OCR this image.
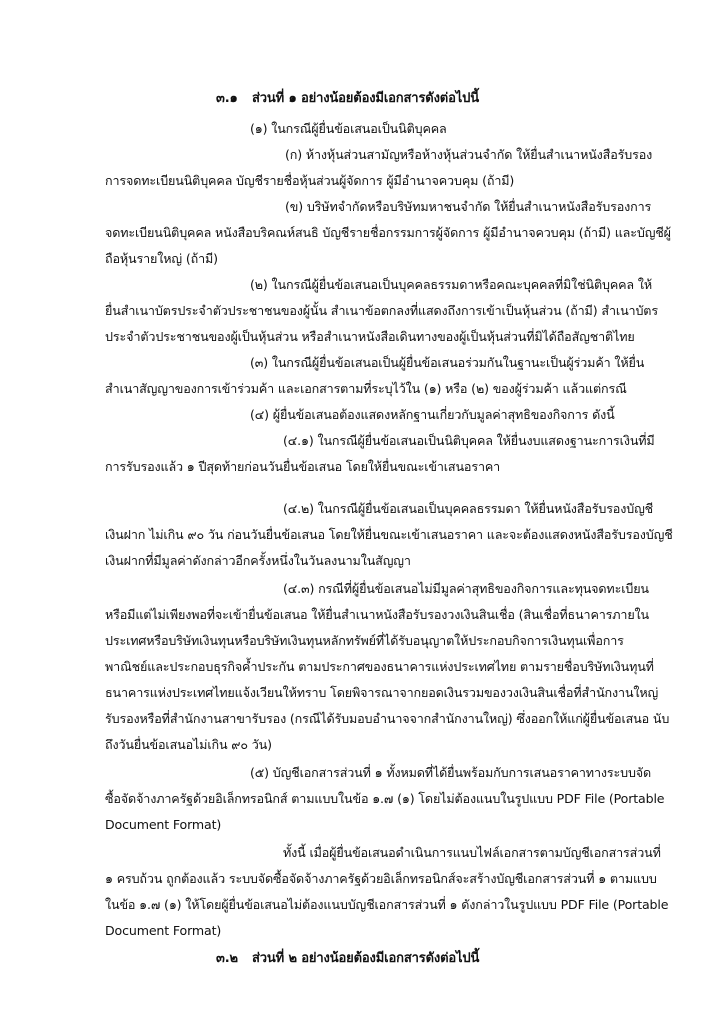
๓.๑ ส่วนที่ ๑ อย่างน้อยต้องมีเอกสารดังต่อไปนี้
(๑) ในกรณีผู้ยื่นข้อเสนอเป็นนิติบุคคล
(ก) ห้างหุ้นส่วนสามัญหรือห้างหุ้นส่วนจำกัด ให้ยื่นสำเนาหนังสือรับรอง
การจดทะเบียนนิติบุคคล บัญชีรายชื่อหุ้นส่วนผู้จัดการ ผู้มีอำนาจควบคุม (ถ้ามี)
(ข) บริษัทจำกัดหรือบริษัทมหาชนจำกัด ให้ยื่นสำเนาหนังสือรับรองการ
จดทะเบียนนิติบุคคล หนังสือบริคณห์สนธิ บัญชีรายชื่อกรรมการผู้จัดการ ผู้มีอำนาจควบคุม (ถ้ามี) และบัญชีผู้
ถือหุ้นรายใหญ่ (ถ้ามี)
(๒) ในกรณีผู้ยื่นข้อเสนอเป็นบุคคลธรรมดาหรือคณะบุคคลที่มิใช่นิติบุคคล ให้
ยื่นสำเนาบัตรประจำตัวประชาชนของผู้นั้น สำเนาข้อตกลงที่แสดงถึงการเข้าเป็นหุ้นส่วน (ถ้ามี) สำเนาบัตร
ประจำตัวประชาชนของผู้เป็นหุ้นส่วน หรือสำเนาหนังสือเดินทางของผู้เป็นหุ้นส่วนที่มิได้ถือสัญชาติไทย
(๓) ในกรณีผู้ยื่นข้อเสนอเป็นผู้ยื่นข้อเสนอร่วมกันในฐานะเป็นผู้ร่วมค้า ให้ยื่น
สำเนาสัญญาของการเข้าร่วมค้า และเอกสารตามที่ระบุไว้ใน (๑) หรือ (๒) ของผู้ร่วมค้า แล้วแต่กรณี
(๔) ผู้ยื่นข้อเสนอต้องแสดงหลักฐานเกี่ยวกับมูลค่าสุทธิของกิจการ ดังนี้
(๔.๑) ในกรณีผู้ยื่นข้อเสนอเป็นนิติบุคคล ให้ยื่นงบแสดงฐานะการเงินที่มี
การรับรองแล้ว ๑ ปีสุดท้ายก่อนวันยื่นข้อเสนอ โดยให้ยื่นขณะเข้าเสนอราคา
(๔.๒) ในกรณีผู้ยื่นข้อเสนอเป็นบุคคลธรรมดา ให้ยื่นหนังสือรับรองบัญชี
เงินฝาก ไม่เกิน ๙๐ วัน ก่อนวันยื่นข้อเสนอ โดยให้ยื่นขณะเข้าเสนอราคา และจะต้องแสดงหนังสือรับรองบัญชี
เงินฝากที่มีมูลค่าดังกล่าวอีกครั้งหนึ่งในวันลงนามในสัญญา
(๔.๓) กรณีที่ผู้ยื่นข้อเสนอไม่มีมูลค่าสุทธิของกิจการและทุนจดทะเบียน
หรือมีแต่ไม่เพียงพอที่จะเข้ายื่นข้อเสนอ ให้ยื่นสำเนาหนังสือรับรองวงเงินสินเชื่อ (สินเชื่อที่ธนาคารภายใน
ประเทศหรือบริษัทเงินทุนหรือบริษัทเงินทุนหลักทรัพย์ที่ได้รับอนุญาตให้ประกอบกิจการเงินทุนเพื่อการ
พาณิชย์และประกอบธุรกิจค้ำประกัน ตามประกาศของธนาคารแห่งประเทศไทย ตามรายชื่อบริษัทเงินทุนที่
ธนาคารแห่งประเทศไทยแจ้งเวียนให้ทราบ โดยพิจารณาจากยอดเงินรวมของวงเงินสินเชื่อที่สำนักงานใหญ่
รับรองหรือที่สำนักงานสาขารับรอง (กรณีได้รับมอบอำนาจจากสำนักงานใหญ่) ซึ่งออกให้แก่ผู้ยื่นข้อเสนอ นับ
ถึงวันยื่นข้อเสนอไม่เกิน ๙๐ วัน)
(๕) บัญชีเอกสารส่วนที่ ๑ ทั้งหมดที่ได้ยื่นพร้อมกับการเสนอราคาทางระบบจัด
ซื้อจัดจ้างภาครัฐด้วยอิเล็กทรอนิกส์ ตามแบบในข้อ ๑.๗ (๑) โดยไม่ต้องแนบในรูปแบบ PDF File (Portable
Document Format)
ทั้งนี้ เมื่อผู้ยื่นข้อเสนอดำเนินการแนบไฟล์เอกสารตามบัญชีเอกสารส่วนที่
๑ ครบถ้วน ถูกต้องแล้ว ระบบจัดซื้อจัดจ้างภาครัฐด้วยอิเล็กทรอนิกส์จะสร้างบัญชีเอกสารส่วนที่ ๑ ตามแบบ
ในข้อ ๑.๗ (๑) ให้โดยผู้ยื่นข้อเสนอไม่ต้องแนบบัญชีเอกสารส่วนที่ ๑ ดังกล่าวในรูปแบบ PDF File (Portable
Document Format)
๓.๒ ส่วนที่ ๒ อย่างน้อยต้องมีเอกสารดังต่อไปนี้
